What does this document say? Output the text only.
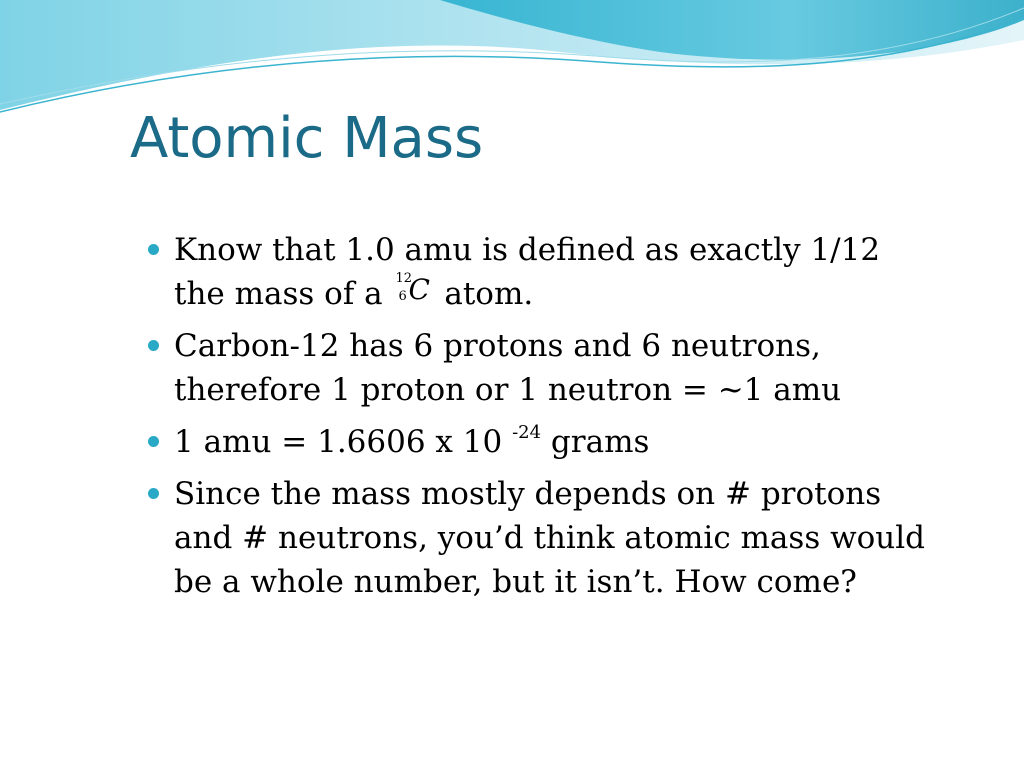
Atomic Mass
Know that 1.0 amu is defined as exactly 1/12 the mass of a 12
6 C atom.
Carbon-12 has 6 protons and 6 neutrons, therefore 1 proton or 1 neutron = ~1 amu
1 amu = 1.6606 x 10 $^{-24}$ grams
Since the mass mostly depends on # protons and # neutrons, you’d think atomic mass would be a whole number, but it isn’t. How come?
